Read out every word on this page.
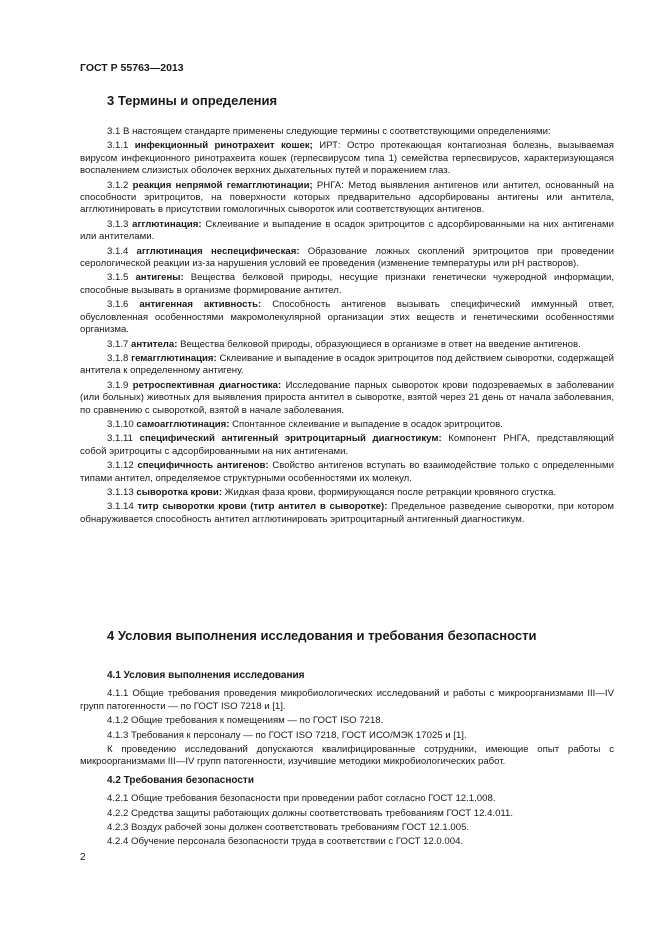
ГОСТ Р 55763—2013
3 Термины и определения

3.1 В настоящем стандарте применены следующие термины с соответствующими определениями:

3.1.1 инфекционный ринотрахеит кошек; ИРТ: Остро протекающая контагиозная болезнь, вызываемая вирусом инфекционного ринотрахеита кошек (герпесвирусом типа 1) семейства герпесвирусов, характеризующаяся воспалением слизистых оболочек верхних дыхательных путей и поражением глаз.

3.1.2 реакция непрямой гемагглютинации; РНГА: Метод выявления антигенов или антител, основанный на способности эритроцитов, на поверхности которых предварительно адсорбированы антигены или антитела, агглютинировать в присутствии гомологичных сывороток или соответствующих антигенов.

3.1.3 агглютинация: Склеивание и выпадение в осадок эритроцитов с адсорбированными на них антигенами или антителами.

3.1.4 агглютинация неспецифическая: Образование ложных скоплений эритроцитов при проведении серологической реакции из-за нарушения условий ее проведения (изменение температуры или pH растворов).

3.1.5 антигены: Вещества белковой природы, несущие признаки генетически чужеродной информации, способные вызывать в организме формирование антител.

3.1.6 антигенная активность: Способность антигенов вызывать специфический иммунный ответ, обусловленная особенностями макромолекулярной организации этих веществ и генетическими особенностями организма.

3.1.7 антитела: Вещества белковой природы, образующиеся в организме в ответ на введение антигенов.

3.1.8 гемагглютинация: Склеивание и выпадение в осадок эритроцитов под действием сыворотки, содержащей антитела к определенному антигену.

3.1.9 ретроспективная диагностика: Исследование парных сывороток крови подозреваемых в заболевании (или больных) животных для выявления прироста антител в сыворотке, взятой через 21 день от начала заболевания, по сравнению с сывороткой, взятой в начале заболевания.

3.1.10 самоагглютинация: Спонтанное склеивание и выпадение в осадок эритроцитов.

3.1.11 специфический антигенный эритроцитарный диагностикум: Компонент РНГА, представляющий собой эритроциты с адсорбированными на них антигенами.

3.1.12 специфичность антигенов: Свойство антигенов вступать во взаимодействие только с определенными типами антител, определяемое структурными особенностями их молекул.

3.1.13 сыворотка крови: Жидкая фаза крови, формирующаяся после ретракции кровяного сгустка.

3.1.14 титр сыворотки крови (титр антител в сыворотке): Предельное разведение сыворотки, при котором обнаруживается способность антител агглютинировать эритроцитарный антигенный диагностикум.

4 Условия выполнения исследования и требования безопасности

4.1 Условия выполнения исследования

4.1.1 Общие требования проведения микробиологических исследований и работы с микроорганизмами III—IV групп патогенности — по ГОСТ ISO 7218 и [1].

4.1.2 Общие требования к помещениям — по ГОСТ ISO 7218.

4.1.3 Требования к персоналу — по ГОСТ ISO 7218, ГОСТ ИСО/МЭК 17025 и [1].

К проведению исследований допускаются квалифицированные сотрудники, имеющие опыт работы с микроорганизмами III—IV групп патогенности, изучившие методики микробиологических работ.

4.2 Требования безопасности

4.2.1 Общие требования безопасности при проведении работ согласно ГОСТ 12.1.008.

4.2.2 Средства защиты работающих должны соответствовать требованиям ГОСТ 12.4.011.

4.2.3 Воздух рабочей зоны должен соответствовать требованиям ГОСТ 12.1.005.

4.2.4 Обучение персонала безопасности труда в соответствии с ГОСТ 12.0.004.

2
